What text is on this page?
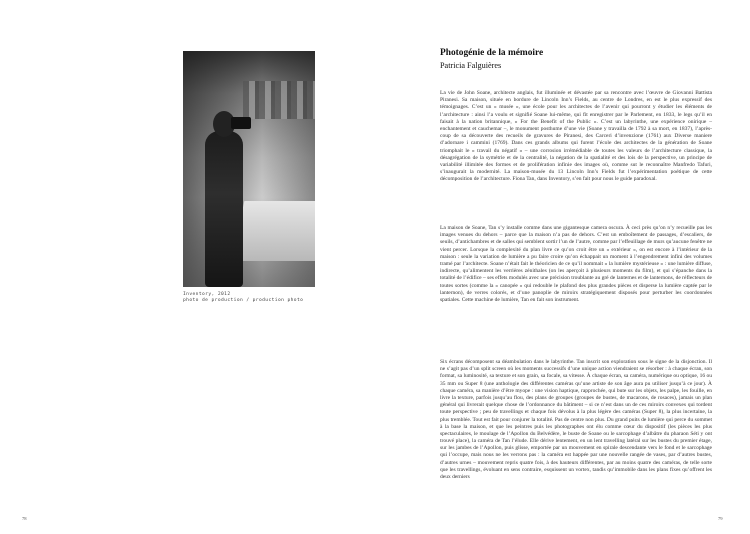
Inventory, 2012
photo de production / production photo
Photogénie de la mémoire
Patricia Falguières
La vie de John Soane, architecte anglais, fut illuminée et dévastée par sa rencontre avec l’œuvre de Giovanni Battista Piranesi. Sa maison, située en bordure de Lincoln Inn’s Fields, au centre de Londres, en est le plus expressif des témoignages. C’est un « musée », une école pour les architectes de l’avenir qui pourront y étudier les éléments de l’architecture : ainsi l’a voulu et signifié Soane lui-même, qui fit enregistrer par le Parlement, en 1833, le legs qu’il en faisait à la nation britannique, « For the Benefit of the Public ». C’est un labyrinthe, une expérience onirique – enchantement et cauchemar –, le monument posthume d’une vie (Soane y travailla de 1792 à sa mort, en 1837), l’après-coup de sa découverte des recueils de gravures de Piranesi, des Carceri d’invenzione (1761) aux Diverse maniere d’adornare i cammini (1769). Dans ces grands albums qui furent l’école des architectes de la génération de Soane triomphait le « travail du négatif » – une corrosion irrémédiable de toutes les valeurs de l’architecture classique, la désagrégation de la symétrie et de la centralité, la négation de la spatialité et des lois de la perspective, un principe de variabilité illimitée des formes et de prolifération infinie des images où, comme sut le reconnaître Manfredo Tafuri, s’inaugurait la modernité. La maison-musée du 13 Lincoln Inn’s Fields fut l’expérimentation poétique de cette décomposition de l’architecture. Fiona Tan, dans Inventory, s’en fait pour nous le guide paradoxal.
La maison de Soane, Tan s’y installe comme dans une gigantesque camera oscura. À ceci près qu’on n’y recueille pas les images venues du dehors – parce que la maison n’a pas de dehors. C’est un emboîtement de passages, d’escaliers, de seuils, d’antichambres et de salles qui semblent sortir l’un de l’autre, comme par l’effeuillage de murs qu’aucune fenêtre ne vient percer. Lorsque la complexité du plan livre ce qu’on croit être un « extérieur », on est encore à l’intérieur de la maison : seule la variation de lumière a pu faire croire qu’on échappait un moment à l’engendrement infini des volumes tramé par l’architecte. Soane n’était fait le théoricien de ce qu’il nommait « la lumière mystérieuse » : une lumière diffuse, indirecte, qu’alimentent les verrières zénithales (on les aperçoit à plusieurs moments du film), et qui s’épanche dans la totalité de l’édifice – ses effets modulés avec une précision troublante au gré de lanternes et de lanternons, de réflecteurs de toutes sortes (comme la « canopée » qui redouble le plafond des plus grandes pièces et disperse la lumière captée par le lanternon), de verres colorés, et d’une panoplie de miroirs stratégiquement disposés pour perturber les coordonnées spatiales. Cette machine de lumière, Tan en fait son instrument.
Six écrans décomposent sa déambulation dans le labyrinthe. Tan inscrit son exploration sous le signe de la disjonction. Il ne s’agit pas d’un split screen où les moments successifs d’une unique action viendraient se résorber : à chaque écran, son format, sa luminosité, sa texture et son grain, sa focale, sa vitesse. À chaque écran, sa caméra, numérique ou optique, 16 ou 35 mm ou Super 8 (une anthologie des différentes caméras qu’une artiste de son âge aura pu utiliser jusqu’à ce jour). À chaque caméra, sa manière d’être myope : une vision haptique, rapprochée, qui bute sur les objets, les palpe, les fouille, en livre la texture, parfois jusqu’au flou, des plans de groupes (groupes de bustes, de macarons, de rosaces), jamais un plan général qui livrerait quelque chose de l’ordonnance du bâtiment – si ce n’est dans un de ces miroirs convexes qui tordent toute perspective ; peu de travellings et chaque fois dévolus à la plus légère des caméras (Super 8), la plus incertaine, la plus tremblée. Tout est fait pour conjurer la totalité. Pas de centre non plus. Du grand puits de lumière qui perce du sommet à la base la maison, et que les peintres puis les photographes ont élu comme cœur du dispositif (les pièces les plus spectaculaires, le moulage de l’Apollon du Belvédère, le buste de Soane ou le sarcophage d’albâtre du pharaon Séti y ont trouvé place), la caméra de Tan l’élude. Elle dérive lentement, en un lent travelling latéral sur les bustes du premier étage, sur les jambes de l’Apollon, puis glisse, emportée par un mouvement en spirale descendante vers le fond et le sarcophage qui l’occupe, mais nous ne les verrons pas : la caméra est happée par une nouvelle rangée de vases, par d’autres bustes, d’autres urnes – mouvement repris quatre fois, à des hauteurs différentes, par au moins quatre des caméras, de telle sorte que les travellings, évoluant en sens contraire, esquissent un vortex, tandis qu’immobile dans les plans fixes qu’offrent les deux derniers
78	79
